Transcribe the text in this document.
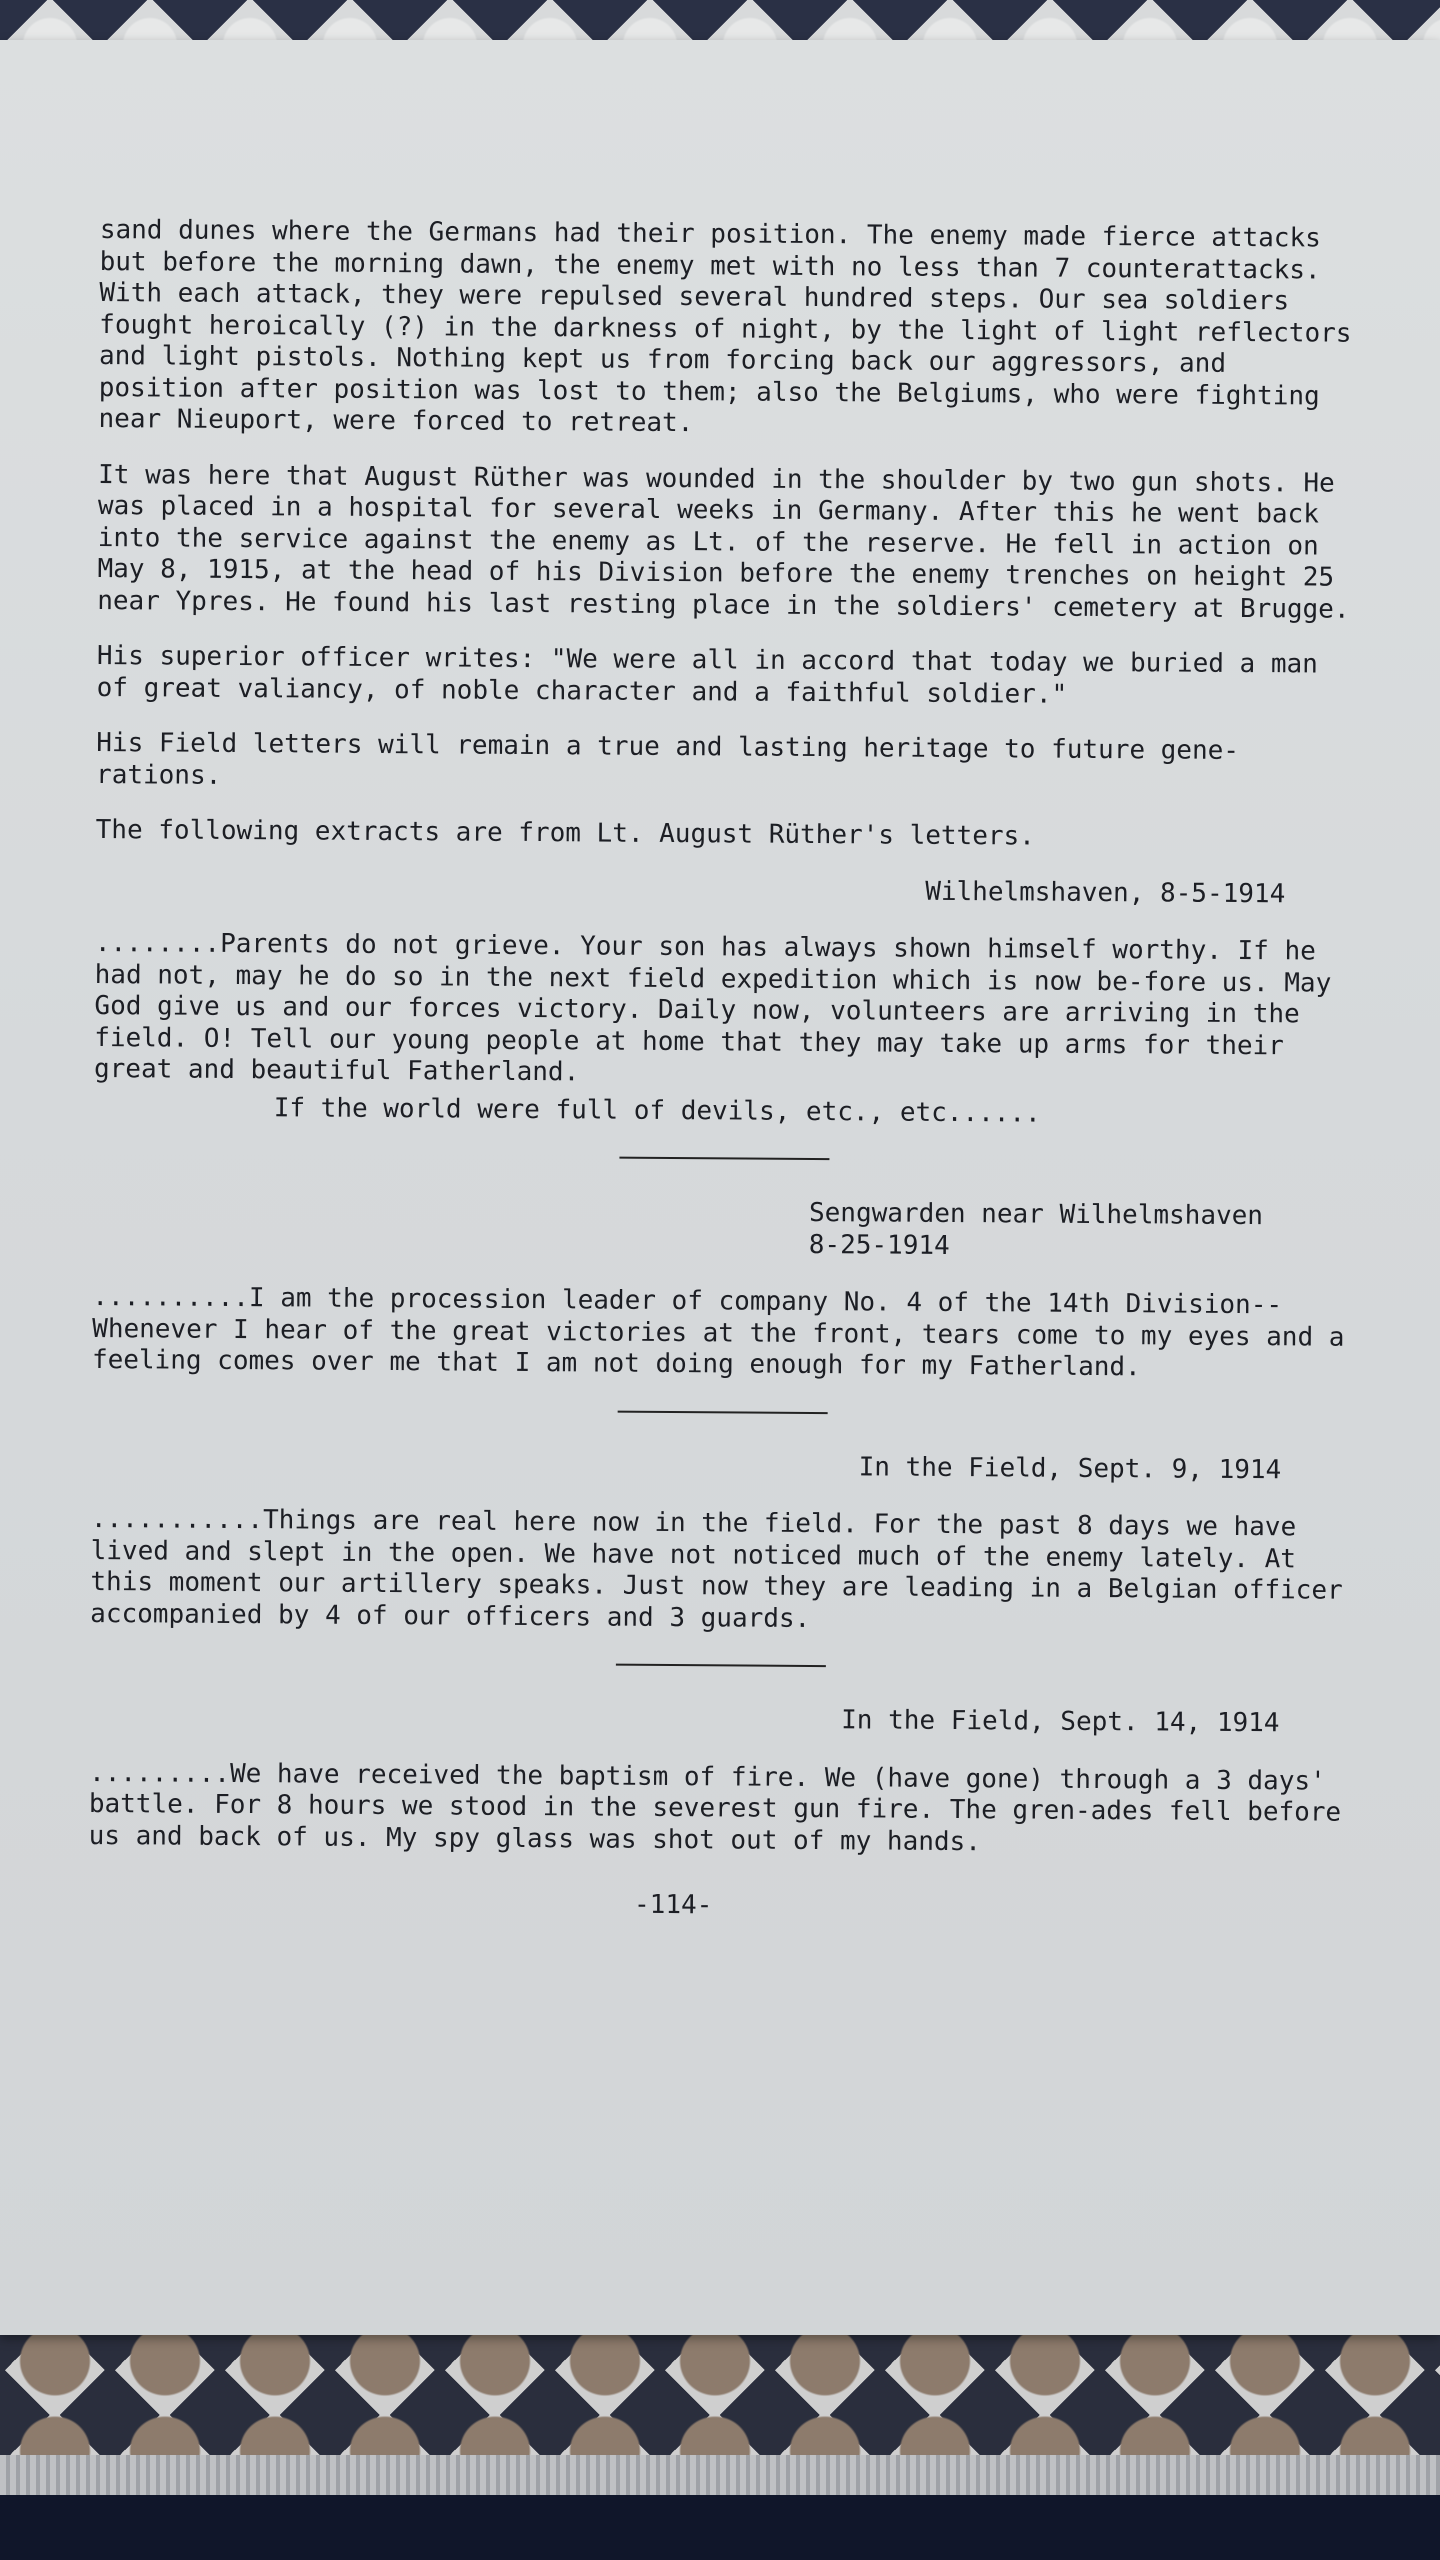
sand dunes where the Germans had their position. The enemy made fierce attacks but before the morning dawn, the enemy met with no less than 7 counterattacks. With each attack, they were repulsed several hundred steps. Our sea soldiers fought heroically (?) in the darkness of night, by the light of light reflectors and light pistols. Nothing kept us from forcing back our aggressors, and position after position was lost to them; also the Belgiums, who were fighting near Nieuport, were forced to retreat.

It was here that August Rüther was wounded in the shoulder by two gun shots. He was placed in a hospital for several weeks in Germany. After this he went back into the service against the enemy as Lt. of the reserve. He fell in action on May 8, 1915, at the head of his Division before the enemy trenches on height 25 near Ypres. He found his last resting place in the soldiers' cemetery at Brugge.

His superior officer writes: "We were all in accord that today we buried a man of great valiancy, of noble character and a faithful soldier."

His Field letters will remain a true and lasting heritage to future gene-rations.

The following extracts are from Lt. August Rüther's letters.

Wilhelmshaven, 8-5-1914

........Parents do not grieve. Your son has always shown himself worthy. If he had not, may he do so in the next field expedition which is now be-fore us. May God give us and our forces victory. Daily now, volunteers are arriving in the field. O! Tell our young people at home that they may take up arms for their great and beautiful Fatherland.

If the world were full of devils, etc., etc......

Sengwarden near Wilhelmshaven
8-25-1914

..........I am the procession leader of company No. 4 of the 14th Division--Whenever I hear of the great victories at the front, tears come to my eyes and a feeling comes over me that I am not doing enough for my Fatherland.

In the Field, Sept. 9, 1914

...........Things are real here now in the field. For the past 8 days we have lived and slept in the open. We have not noticed much of the enemy lately. At this moment our artillery speaks. Just now they are leading in a Belgian officer accompanied by 4 of our officers and 3 guards.

In the Field, Sept. 14, 1914

.........We have received the baptism of fire. We (have gone) through a 3 days' battle. For 8 hours we stood in the severest gun fire. The gren-ades fell before us and back of us. My spy glass was shot out of my hands.

-114-
